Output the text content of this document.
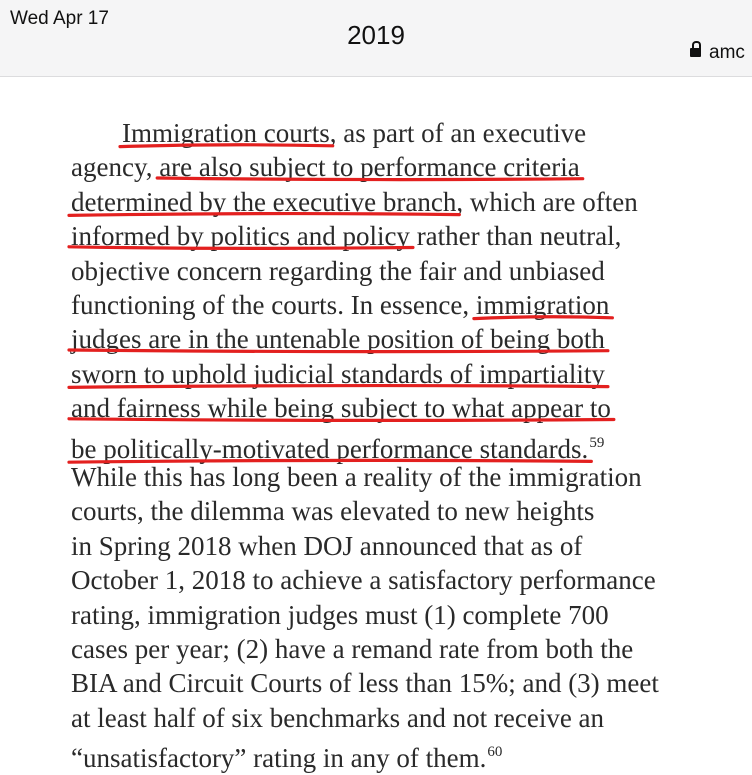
Wed Apr 17
2019
amc
Immigration courts, as part of an executive
agency, are also subject to performance criteria
determined by the executive branch, which are often
informed by politics and policy rather than neutral,
objective concern regarding the fair and unbiased
functioning of the courts. In essence, immigration
judges are in the untenable position of being both
sworn to uphold judicial standards of impartiality
and fairness while being subject to what appear to
be politically-motivated performance standards.$^{59}$
While this has long been a reality of the immigration
courts, the dilemma was elevated to new heights
in Spring 2018 when DOJ announced that as of
October 1, 2018 to achieve a satisfactory performance
rating, immigration judges must (1) complete 700
cases per year; (2) have a remand rate from both the
BIA and Circuit Courts of less than 15%; and (3) meet
at least half of six benchmarks and not receive an
“unsatisfactory” rating in any of them.$^{60}$
